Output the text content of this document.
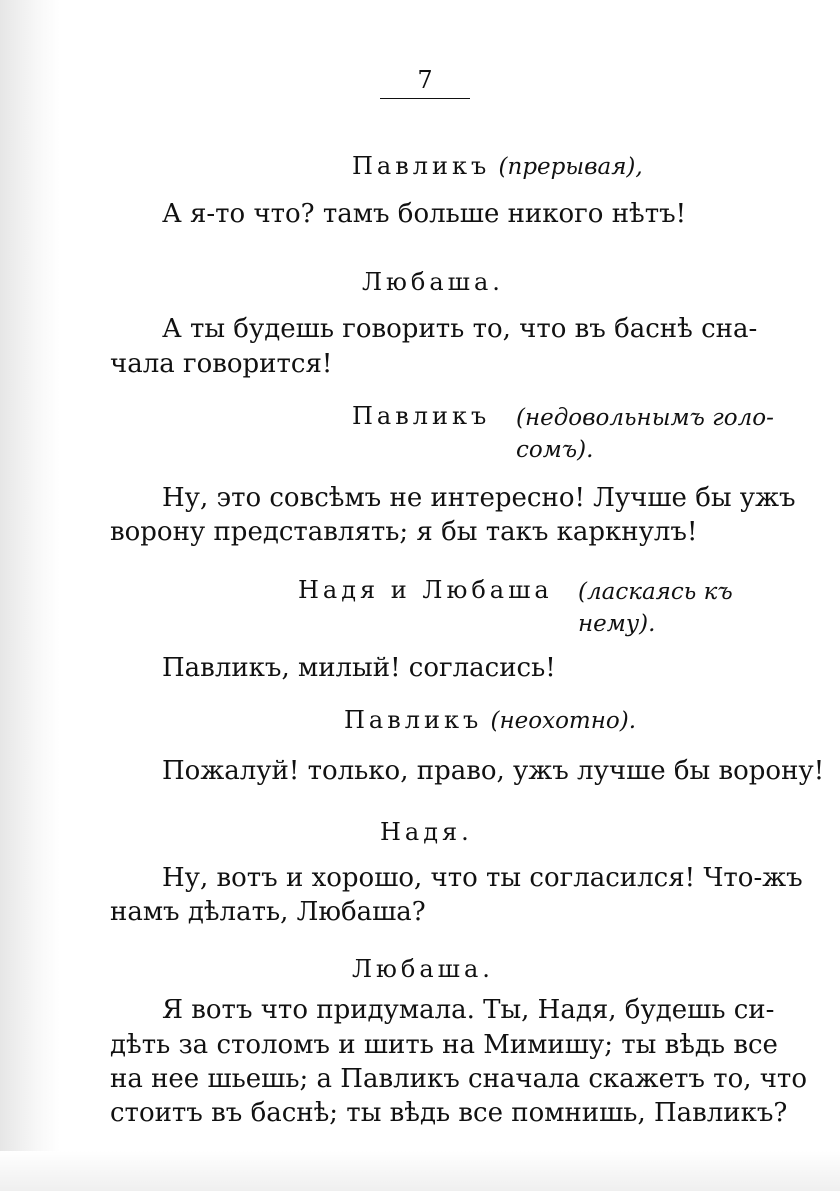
7
Павликъ (прерывая),
А я-то что? тамъ больше никого нѣтъ!
Любаша.
А ты будешь говорить то, что въ баснѣ сна-
чала говорится!
Павликъ (недовольнымъ голо-
сомъ).
Ну, это совсѣмъ не интересно! Лучше бы ужъ
ворону представлять; я бы такъ каркнулъ!
Надя и Любаша (ласкаясь къ
нему).
Павликъ, милый! согласись!
Павликъ (неохотно).
Пожалуй! только, право, ужъ лучше бы ворону!
Надя.
Ну, вотъ и хорошо, что ты согласился! Что-жъ
намъ дѣлать, Любаша?
Любаша.
Я вотъ что придумала. Ты, Надя, будешь си-
дѣть за столомъ и шить на Мимишу; ты вѣдь все
на нее шьешь; а Павликъ сначала скажетъ то, что
стоитъ въ баснѣ; ты вѣдь все помнишь, Павликъ?
